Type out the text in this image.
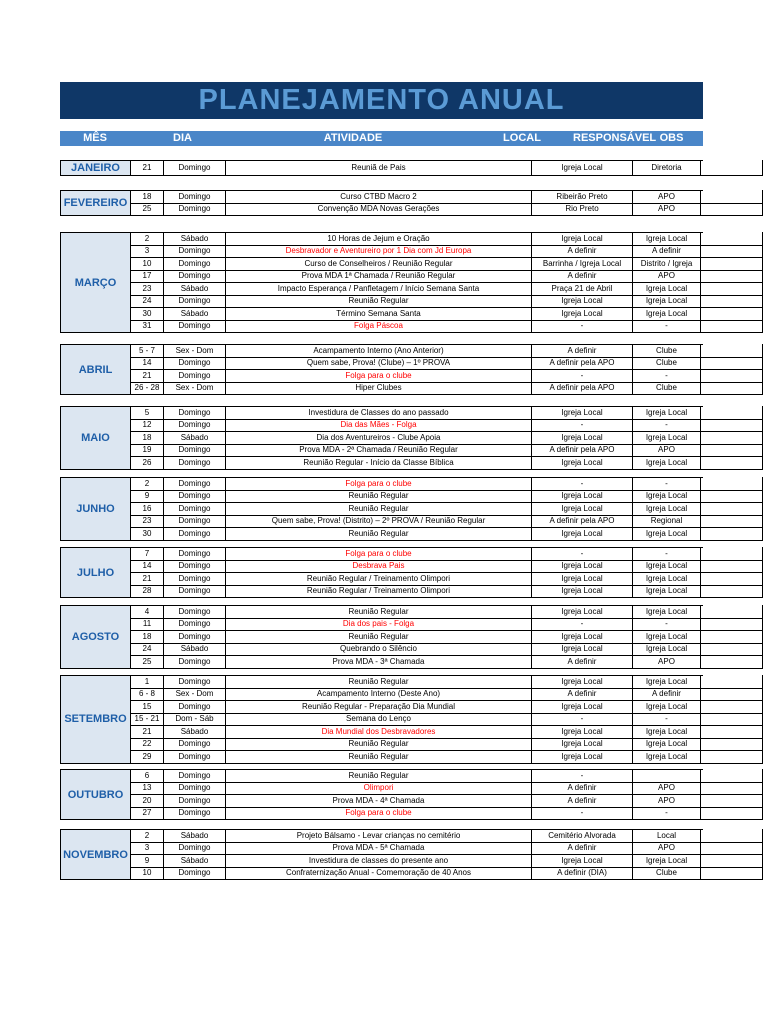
PLANEJAMENTO ANUAL
MÊS	DIA	ATIVIDADE	LOCAL	RESPONSÁVEL OBS
JANEIRO	21	Domingo	Reuniã de Pais	Igreja Local	Diretoria
FEVEREIRO
18	Domingo	Curso CTBD Macro 2	Ribeirão Preto	APO
25	Domingo	Convenção MDA Novas Gerações	Rio Preto	APO
MARÇO
2	Sábado	10 Horas de Jejum e Oração	Igreja Local	Igreja Local
3	Domingo	Desbravador e Aventureiro por 1 Dia com Jd Europa	A definir	A definir
10	Domingo	Curso de Conselheiros / Reunião Regular	Barrinha / Igreja Local	Distrito / Igreja
17	Domingo	Prova MDA 1ª Chamada / Reunião Regular	A definir	APO
23	Sábado	Impacto Esperança / Panfletagem / Início Semana Santa	Praça 21 de Abril	Igreja Local
24	Domingo	Reunião Regular	Igreja Local	Igreja Local
30	Sábado	Término Semana Santa	Igreja Local	Igreja Local
31	Domingo	Folga Páscoa	-	-
ABRIL
5 - 7	Sex - Dom	Acampamento Interno (Ano Anterior)	A definir	Clube
14	Domingo	Quem sabe, Prova! (Clube) – 1º PROVA	A definir pela APO	Clube
21	Domingo	Folga para o clube	-	-
26 - 28	Sex - Dom	Hiper Clubes	A definir pela APO	Clube
MAIO
5	Domingo	Investidura de Classes do ano passado	Igreja Local	Igreja Local
12	Domingo	Dia das Mães - Folga	-	-
18	Sábado	Dia dos Aventureiros - Clube Apoia	Igreja Local	Igreja Local
19	Domingo	Prova MDA - 2ª Chamada / Reunião Regular	A definir pela APO	APO
26	Domingo	Reunião Regular - Início da Classe Bíblica	Igreja Local	Igreja Local
JUNHO
2	Domingo	Folga para o clube	-	-
9	Domingo	Reunião Regular	Igreja Local	Igreja Local
16	Domingo	Reunião Regular	Igreja Local	Igreja Local
23	Domingo	Quem sabe, Prova! (Distrito) – 2º PROVA / Reunião Regular	A definir pela APO	Regional
30	Domingo	Reunião Regular	Igreja Local	Igreja Local
JULHO
7	Domingo	Folga para o clube	-	-
14	Domingo	Desbrava Pais	Igreja Local	Igreja Local
21	Domingo	Reunião Regular / Treinamento Olimpori	Igreja Local	Igreja Local
28	Domingo	Reunião Regular / Treinamento Olimpori	Igreja Local	Igreja Local
AGOSTO
4	Domingo	Reunião Regular	Igreja Local	Igreja Local
11	Domingo	Dia dos pais - Folga	-	-
18	Domingo	Reunião Regular	Igreja Local	Igreja Local
24	Sábado	Quebrando o Silêncio	Igreja Local	Igreja Local
25	Domingo	Prova MDA - 3ª Chamada	A definir	APO
SETEMBRO
1	Domingo	Reunião Regular	Igreja Local	Igreja Local
6 - 8	Sex - Dom	Acampamento Interno (Deste Ano)	A definir	A definir
15	Domingo	Reunião Regular - Preparação Dia Mundial	Igreja Local	Igreja Local
15 - 21	Dom - Sáb	Semana do Lenço	-	-
21	Sábado	Dia Mundial dos Desbravadores	Igreja Local	Igreja Local
22	Domingo	Reunião Regular	Igreja Local	Igreja Local
29	Domingo	Reunião Regular	Igreja Local	Igreja Local
OUTUBRO
6	Domingo	Reunião Regular	-
13	Domingo	Olimpori	A definir	APO
20	Domingo	Prova MDA - 4ª Chamada	A definir	APO
27	Domingo	Folga para o clube	-	-
NOVEMBRO
2	Sábado	Projeto Bálsamo - Levar crianças no cemitério	Cemitério Alvorada	Local
3	Domingo	Prova MDA - 5ª Chamada	A definir	APO
9	Sábado	Investidura de classes do presente ano	Igreja Local	Igreja Local
10	Domingo	Confraternização Anual - Comemoração de 40 Anos	A definir (DIA)	Clube
